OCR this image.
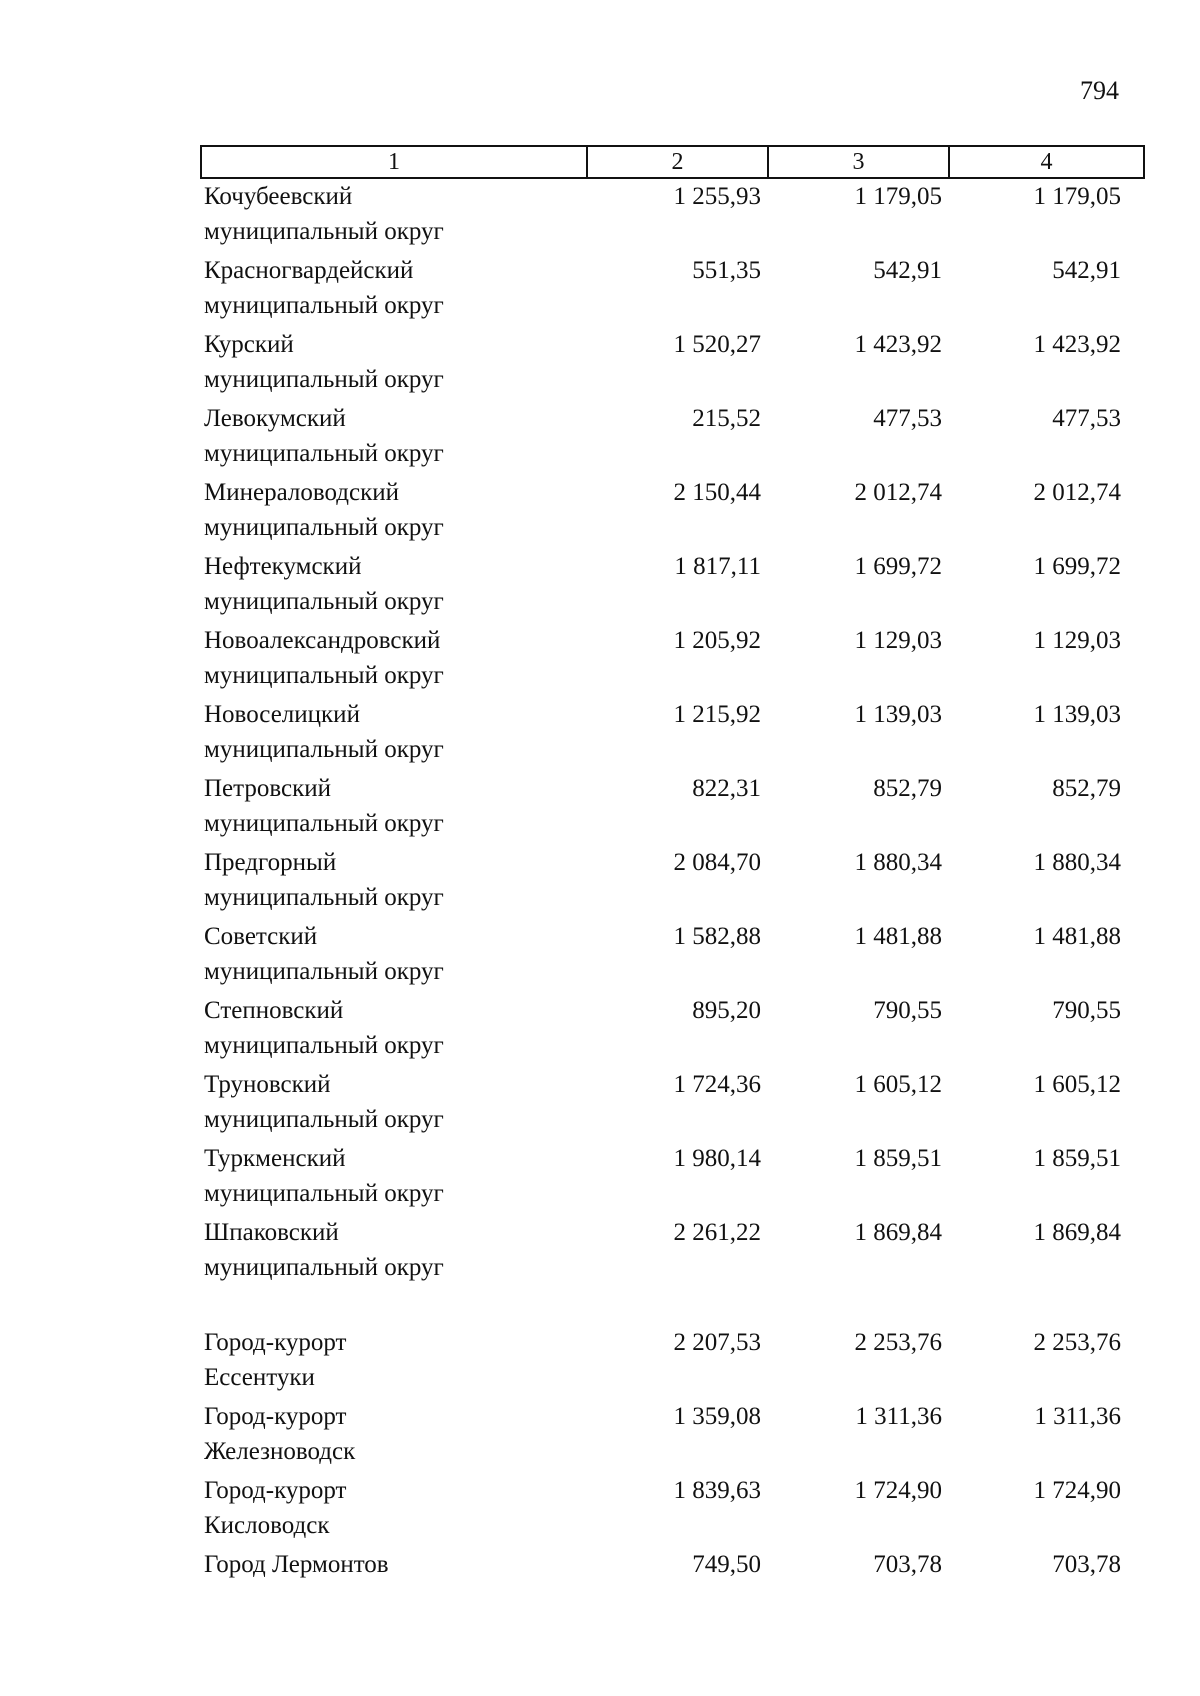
794
1	2	3	4
Кочубеевский
муниципальный округ
1 255,93	1 179,05	1 179,05
Красногвардейский
муниципальный округ
551,35	542,91	542,91
Курский
муниципальный округ
1 520,27	1 423,92	1 423,92
Левокумский
муниципальный округ
215,52	477,53	477,53
Минераловодский
муниципальный округ
2 150,44	2 012,74	2 012,74
Нефтекумский
муниципальный округ
1 817,11	1 699,72	1 699,72
Новоалександровский
муниципальный округ
1 205,92	1 129,03	1 129,03
Новоселицкий
муниципальный округ
1 215,92	1 139,03	1 139,03
Петровский
муниципальный округ
822,31	852,79	852,79
Предгорный
муниципальный округ
2 084,70	1 880,34	1 880,34
Советский
муниципальный округ
1 582,88	1 481,88	1 481,88
Степновский
муниципальный округ
895,20	790,55	790,55
Труновский
муниципальный округ
1 724,36	1 605,12	1 605,12
Туркменский
муниципальный округ
1 980,14	1 859,51	1 859,51
Шпаковский
муниципальный округ
2 261,22	1 869,84	1 869,84
Город-курорт
Ессентуки
2 207,53	2 253,76	2 253,76
Город-курорт
Железноводск
1 359,08	1 311,36	1 311,36
Город-курорт
Кисловодск
1 839,63	1 724,90	1 724,90
Город Лермонтов	749,50	703,78	703,78
